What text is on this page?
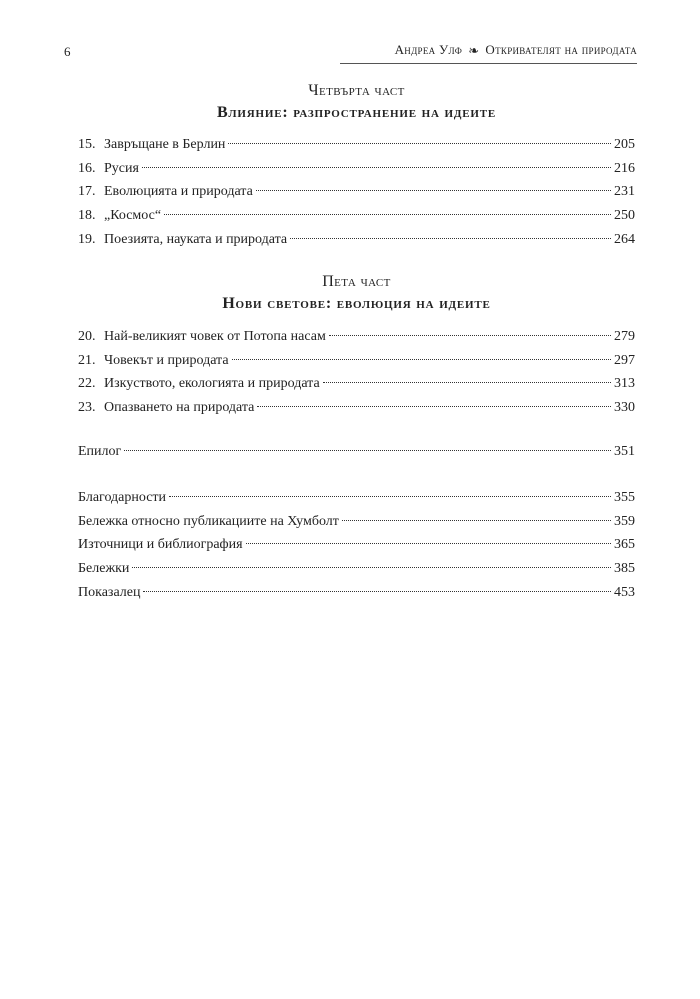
6	Андреа Улф ❧ Откривателят на природата
Четвърта част
Влияние: разпространение на идеите
15. Завръщане в Берлин	205
16. Русия	216
17. Еволюцията и природата	231
18. „Космос“	250
19. Поезията, науката и природата	264
Пета част
Нови светове: еволюция на идеите
20. Най-великият човек от Потопа насам	279
21. Човекът и природата	297
22. Изкуството, екологията и природата	313
23. Опазването на природата	330
Епилог	351
Благодарности	355
Бележка относно публикациите на Хумболт	359
Източници и библиография	365
Бележки	385
Показалец	453
